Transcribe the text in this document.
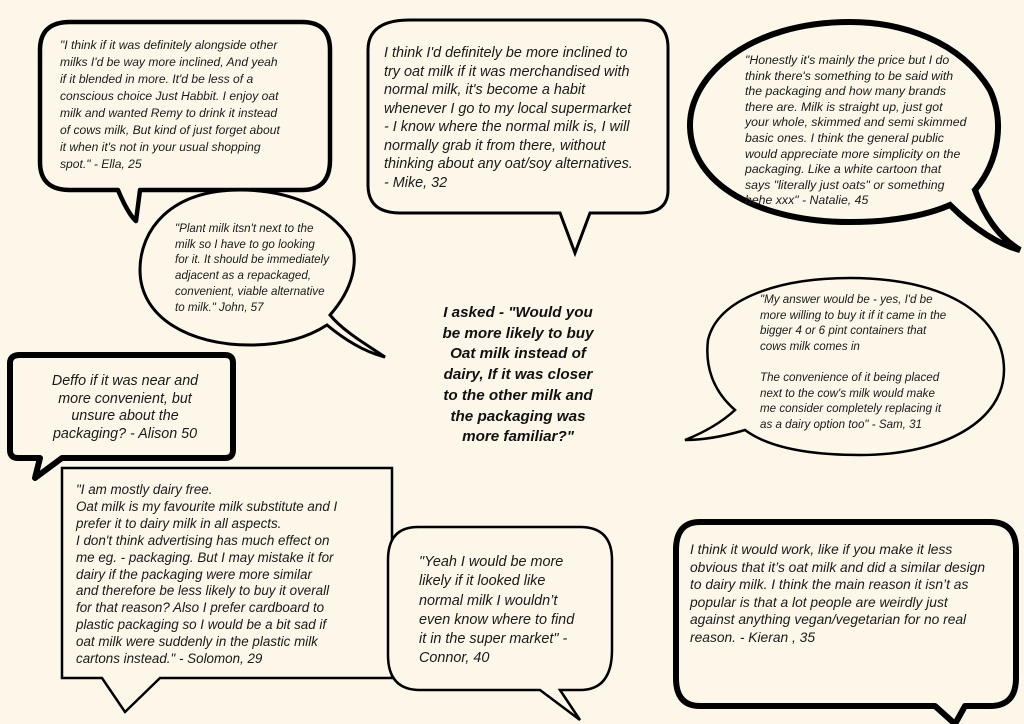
"I think if it was definitely alongside other
milks I'd be way more inclined, And yeah
if it blended in more. It'd be less of a
conscious choice Just Habbit. I enjoy oat
milk and wanted Remy to drink it instead
of cows milk, But kind of just forget about
it when it's not in your usual shopping
spot." - Ella, 25

I think I'd definitely be more inclined to
try oat milk if it was merchandised with
normal milk, it's become a habit
whenever I go to my local supermarket
- I know where the normal milk is, I will
normally grab it from there, without
thinking about any oat/soy alternatives.
- Mike, 32

"Honestly it's mainly the price but I do
think there's something to be said with
the packaging and how many brands
there are. Milk is straight up, just got
your whole, skimmed and semi skimmed
basic ones. I think the general public
would appreciate more simplicity on the
packaging. Like a white cartoon that
says "literally just oats" or something
hehe xxx" - Natalie, 45

"Plant milk itsn't next to the
milk so I have to go looking
for it. It should be immediately
adjacent as a repackaged,
convenient, viable alternative
to milk." John, 57	I asked - "Would you
be more likely to buy
Oat milk instead of
dairy, If it was closer
to the other milk and
the packaging was
more familiar?"

"My answer would be - yes, I'd be
more willing to buy it if it came in the
bigger 4 or 6 pint containers that
cows milk comes in

The convenience of it being placed
next to the cow's milk would make
me consider completely replacing it
as a dairy option too" - Sam, 31

Deffo if it was near and
more convenient, but
unsure about the
packaging? - Alison 50

"I am mostly dairy free.
Oat milk is my favourite milk substitute and I
prefer it to dairy milk in all aspects.
I don't think advertising has much effect on
me eg. - packaging. But I may mistake it for
dairy if the packaging were more similar
and therefore be less likely to buy it overall
for that reason? Also I prefer cardboard to
plastic packaging so I would be a bit sad if
oat milk were suddenly in the plastic milk
cartons instead." - Solomon, 29

"Yeah I would be more
likely if it looked like
normal milk I wouldn’t
even know where to find
it in the super market" -
Connor, 40

I think it would work, like if you make it less
obvious that it’s oat milk and did a similar design
to dairy milk. I think the main reason it isn’t as
popular is that a lot people are weirdly just
against anything vegan/vegetarian for no real
reason. - Kieran , 35
